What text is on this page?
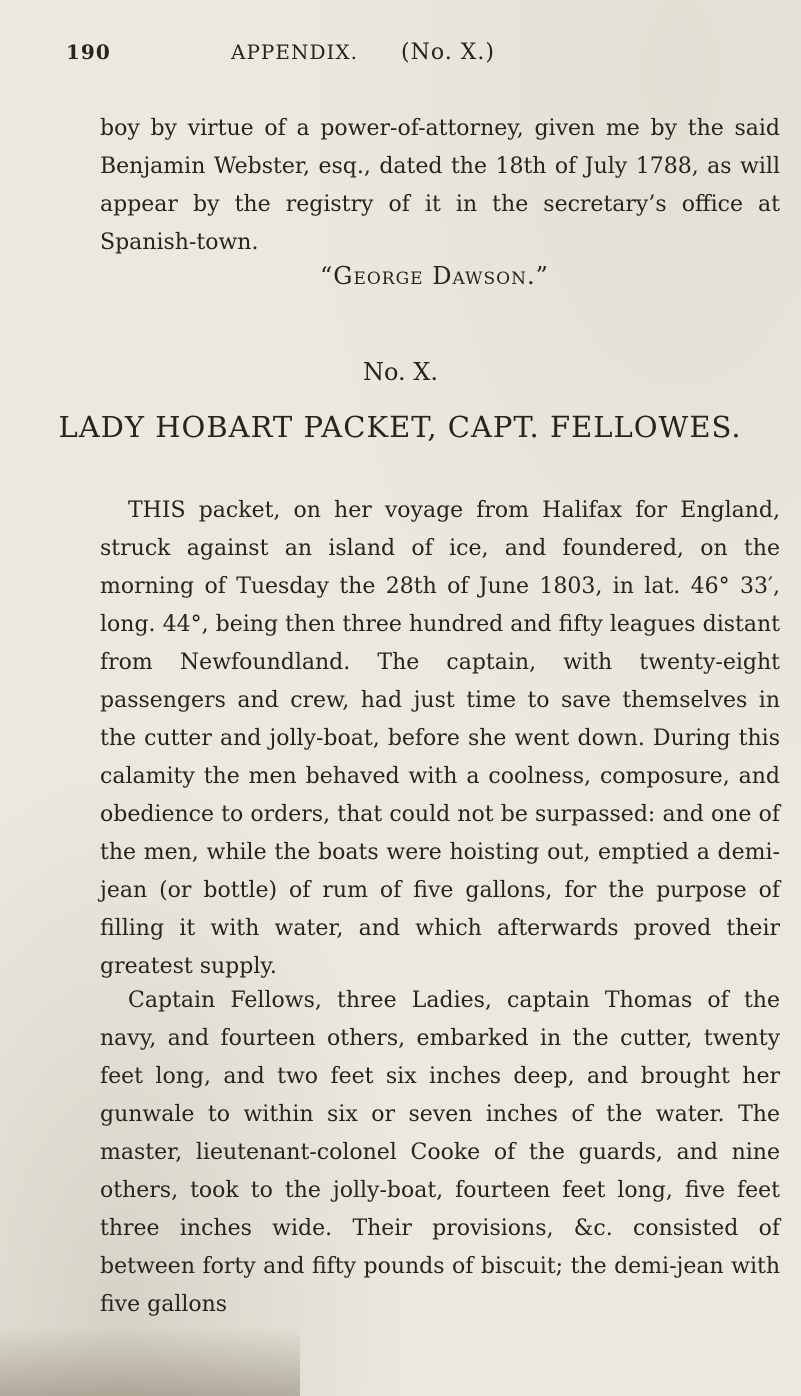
190	APPENDIX. (No. X.)

boy by virtue of a power-of-attorney, given me by the said Benjamin Webster, esq., dated the 18th of July 1788, as will appear by the registry of it in the secretary’s office at Spanish-town.

“George Dawson.”
No. X.
LADY HOBART PACKET, CAPT. FELLOWES.

THIS packet, on her voyage from Halifax for England, struck against an island of ice, and foundered, on the morning of Tuesday the 28th of June 1803, in lat. 46° 33′, long. 44°, being then three hundred and fifty leagues distant from Newfoundland. The captain, with twenty-eight passengers and crew, had just time to save themselves in the cutter and jolly-boat, before she went down. During this calamity the men behaved with a coolness, composure, and obedience to orders, that could not be surpassed: and one of the men, while the boats were hoisting out, emptied a demi-jean (or bottle) of rum of five gallons, for the purpose of filling it with water, and which afterwards proved their greatest supply.

Captain Fellows, three Ladies, captain Thomas of the navy, and fourteen others, embarked in the cutter, twenty feet long, and two feet six inches deep, and brought her gunwale to within six or seven inches of the water. The master, lieutenant-colonel Cooke of the guards, and nine others, took to the jolly-boat, fourteen feet long, five feet three inches wide. Their provisions, &c. consisted of between forty and fifty pounds of biscuit; the demi-jean with five gallons
